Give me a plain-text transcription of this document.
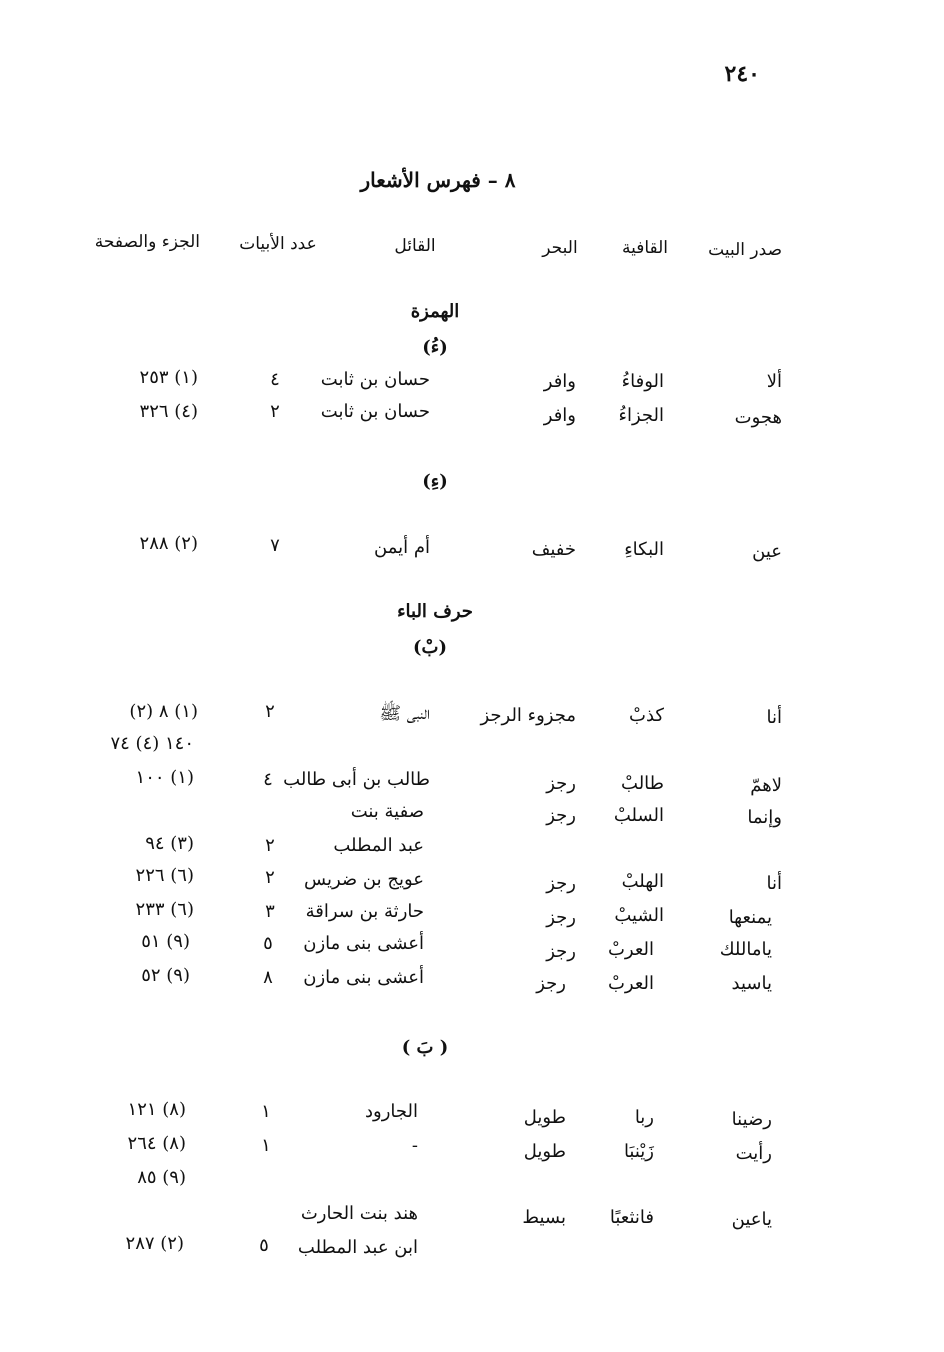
٢٤٠
٨ – فهرس الأشعار
صدر البيت
القافية
البحر
القائل
عدد الأبيات
الجزء والصفحة
الهمزة
(ءُ)
ألا
الوفاءُ
وافر
حسان بن ثابت
٤
(١) ٢٥٣
هجوت
الجزاءُ
وافر
حسان بن ثابت
٢
(٤) ٣٢٦
(ءِ)
عين
البكاءِ
خفيف
أم أيمن
٧
(٢) ٢٨٨
حرف الباء
(بْ)
أنا
كذبْ
مجزوء الرجز
النبى ﷺ
٢
(١) ٨ (٢)
١٤٠ (٤) ٧٤
لاهمّ
طالبْ
رجز
طالب بن أبى طالب
٤
(١) ١٠٠
وإنما
السلبْ
رجز
صفية بنت
عبد المطلب
٢
(٣) ٩٤
أنا
الهلبْ
رجز
عويج بن ضريس
٢
(٦) ٢٢٦
يمنعها
الشيبْ
رجز
حارثة بن سراقة
٣
(٦) ٢٣٣
ياماللك
العربْ
رجز
أعشى بنى مازن
٥
(٩) ٥١
ياسيد
العربْ
رجز
أعشى بنى مازن
٨
(٩) ٥٢
( بَ )
رضينا
ربا
طويل
الجارود
١
(٨) ١٢١
رأيت
زَيْنبَا
طويل
-
١
(٨) ٢٦٤
(٩) ٨٥
ياعين
فانثعبًا
بسيط
هند بنت الحارث
ابن عبد المطلب
٥
(٢) ٢٨٧
